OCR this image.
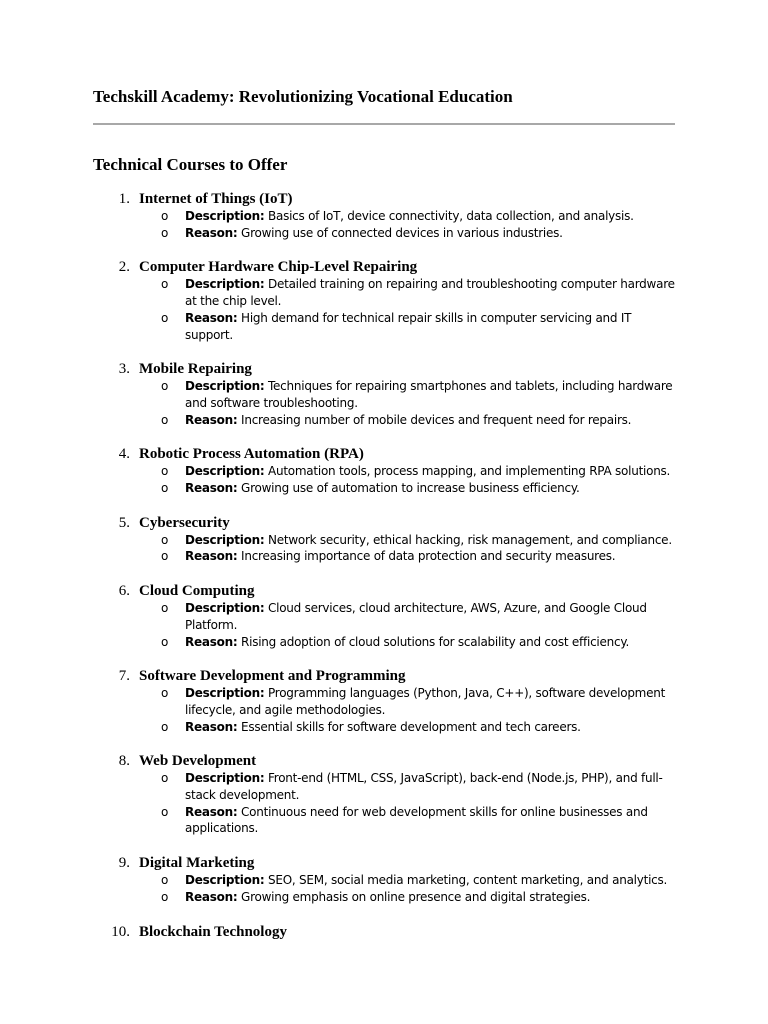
Techskill Academy: Revolutionizing Vocational Education
Technical Courses to Offer
1. Internet of Things (IoT)
o Description: Basics of IoT, device connectivity, data collection, and analysis.
o Reason: Growing use of connected devices in various industries.
2. Computer Hardware Chip-Level Repairing
o Description: Detailed training on repairing and troubleshooting computer hardware at the chip level.
o Reason: High demand for technical repair skills in computer servicing and IT support.
3. Mobile Repairing
o Description: Techniques for repairing smartphones and tablets, including hardware and software troubleshooting.
o Reason: Increasing number of mobile devices and frequent need for repairs.
4. Robotic Process Automation (RPA)
o Description: Automation tools, process mapping, and implementing RPA solutions.
o Reason: Growing use of automation to increase business efficiency.
5. Cybersecurity
o Description: Network security, ethical hacking, risk management, and compliance.
o Reason: Increasing importance of data protection and security measures.
6. Cloud Computing
o Description: Cloud services, cloud architecture, AWS, Azure, and Google Cloud Platform.
o Reason: Rising adoption of cloud solutions for scalability and cost efficiency.
7. Software Development and Programming
o Description: Programming languages (Python, Java, C++), software development lifecycle, and agile methodologies.
o Reason: Essential skills for software development and tech careers.
8. Web Development
o Description: Front-end (HTML, CSS, JavaScript), back-end (Node.js, PHP), and full-stack development.
o Reason: Continuous need for web development skills for online businesses and applications.
9. Digital Marketing
o Description: SEO, SEM, social media marketing, content marketing, and analytics.
o Reason: Growing emphasis on online presence and digital strategies.
10. Blockchain Technology
